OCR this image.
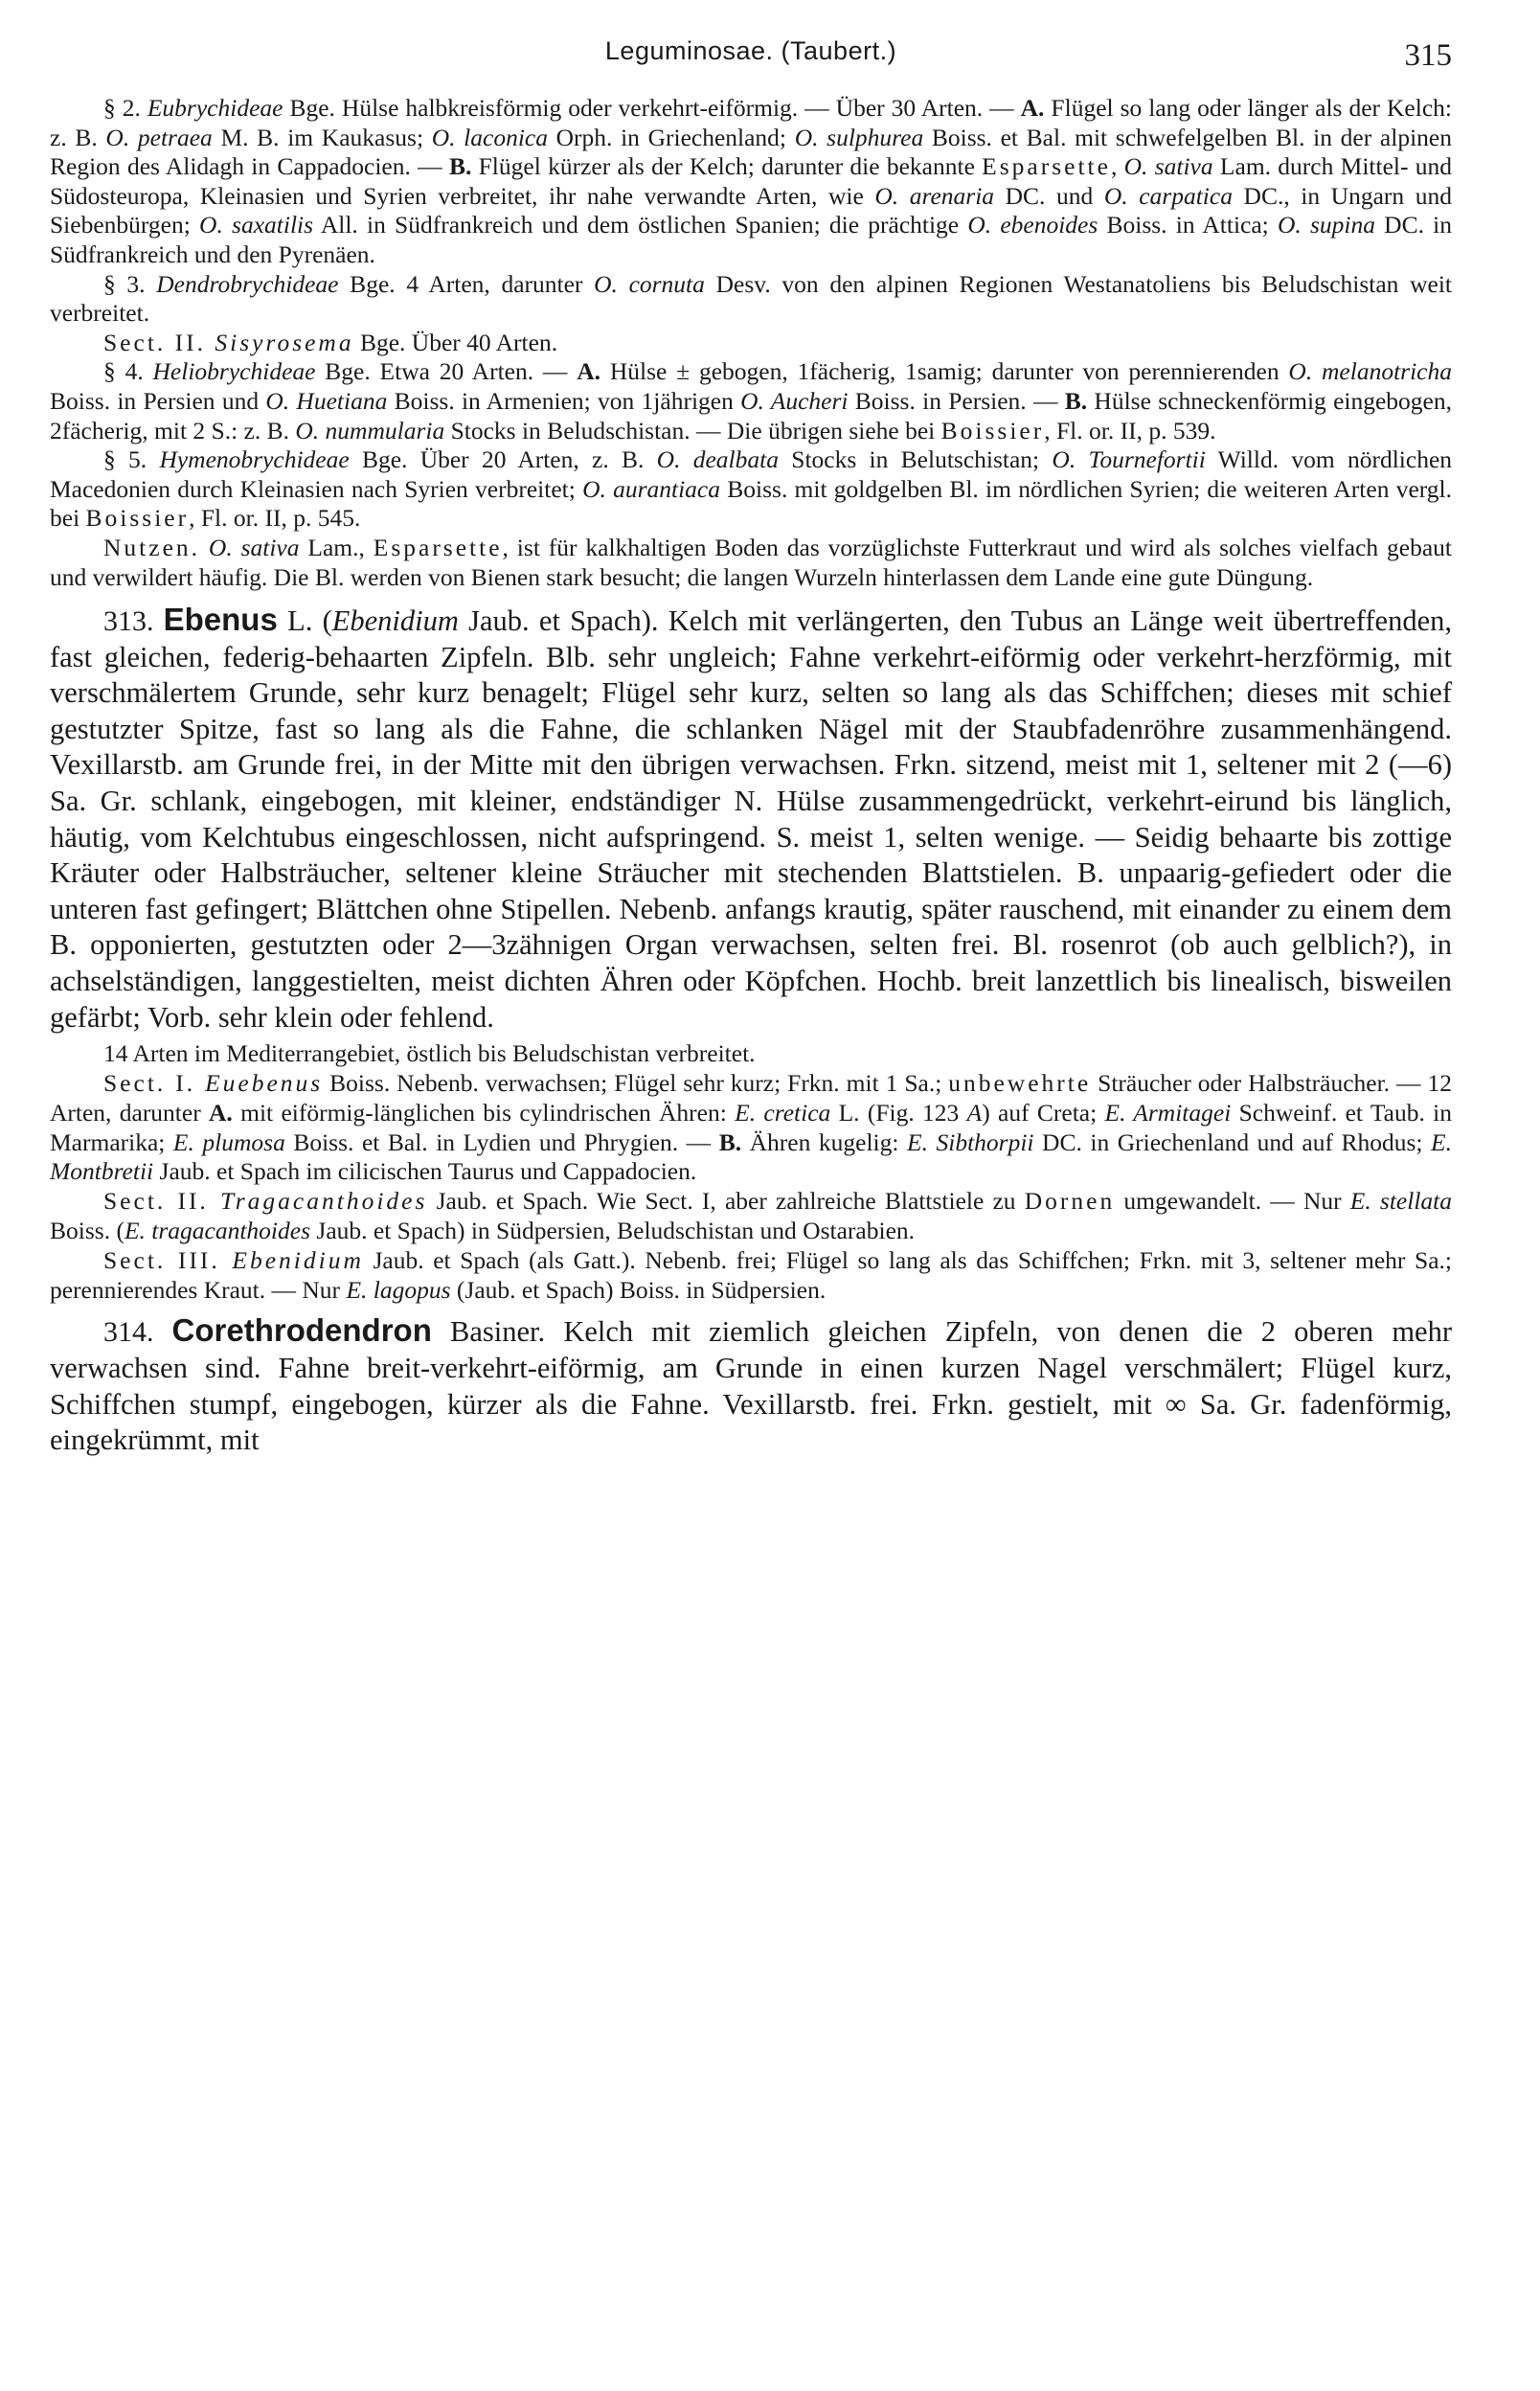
Leguminosae. (Taubert.)	315

§ 2. Eubrychideae Bge. Hülse halbkreisförmig oder verkehrt-eiförmig. — Über 30 Arten. — A. Flügel so lang oder länger als der Kelch: z. B. O. petraea M. B. im Kaukasus; O. laconica Orph. in Griechenland; O. sulphurea Boiss. et Bal. mit schwefelgelben Bl. in der alpinen Region des Alidagh in Cappadocien. — B. Flügel kürzer als der Kelch; darunter die bekannte Esparsette, O. sativa Lam. durch Mittel- und Südosteuropa, Kleinasien und Syrien verbreitet, ihr nahe verwandte Arten, wie O. arenaria DC. und O. carpatica DC., in Ungarn und Siebenbürgen; O. saxatilis All. in Südfrankreich und dem östlichen Spanien; die prächtige O. ebenoides Boiss. in Attica; O. supina DC. in Südfrankreich und den Pyrenäen.

§ 3. Dendrobrychideae Bge. 4 Arten, darunter O. cornuta Desv. von den alpinen Regionen Westanatoliens bis Beludschistan weit verbreitet.

Sect. II. Sisyrosema Bge. Über 40 Arten.

§ 4. Heliobrychideae Bge. Etwa 20 Arten. — A. Hülse ± gebogen, 1fächerig, 1samig; darunter von perennierenden O. melanotricha Boiss. in Persien und O. Huetiana Boiss. in Armenien; von 1jährigen O. Aucheri Boiss. in Persien. — B. Hülse schneckenförmig eingebogen, 2fächerig, mit 2 S.: z. B. O. nummularia Stocks in Beludschistan. — Die übrigen siehe bei Boissier, Fl. or. II, p. 539.

§ 5. Hymenobrychideae Bge. Über 20 Arten, z. B. O. dealbata Stocks in Belutschistan; O. Tournefortii Willd. vom nördlichen Macedonien durch Kleinasien nach Syrien verbreitet; O. aurantiaca Boiss. mit goldgelben Bl. im nördlichen Syrien; die weiteren Arten vergl. bei Boissier, Fl. or. II, p. 545.

Nutzen. O. sativa Lam., Esparsette, ist für kalkhaltigen Boden das vorzüglichste Futterkraut und wird als solches vielfach gebaut und verwildert häufig. Die Bl. werden von Bienen stark besucht; die langen Wurzeln hinterlassen dem Lande eine gute Düngung.

313. Ebenus L. (Ebenidium Jaub. et Spach). Kelch mit verlängerten, den Tubus an Länge weit übertreffenden, fast gleichen, federig-behaarten Zipfeln. Blb. sehr ungleich; Fahne verkehrt-eiförmig oder verkehrt-herzförmig, mit verschmälertem Grunde, sehr kurz benagelt; Flügel sehr kurz, selten so lang als das Schiffchen; dieses mit schief gestutzter Spitze, fast so lang als die Fahne, die schlanken Nägel mit der Staubfadenröhre zusammenhängend. Vexillarstb. am Grunde frei, in der Mitte mit den übrigen verwachsen. Frkn. sitzend, meist mit 1, seltener mit 2 (—6) Sa. Gr. schlank, eingebogen, mit kleiner, endständiger N. Hülse zusammengedrückt, verkehrt-eirund bis länglich, häutig, vom Kelchtubus eingeschlossen, nicht aufspringend. S. meist 1, selten wenige. — Seidig behaarte bis zottige Kräuter oder Halbsträucher, seltener kleine Sträucher mit stechenden Blattstielen. B. unpaarig-gefiedert oder die unteren fast gefingert; Blättchen ohne Stipellen. Nebenb. anfangs krautig, später rauschend, mit einander zu einem dem B. opponierten, gestutzten oder 2—3zähnigen Organ verwachsen, selten frei. Bl. rosenrot (ob auch gelblich?), in achselständigen, langgestielten, meist dichten Ähren oder Köpfchen. Hochb. breit lanzettlich bis linealisch, bisweilen gefärbt; Vorb. sehr klein oder fehlend.

14 Arten im Mediterrangebiet, östlich bis Beludschistan verbreitet.

Sect. I. Euebenus Boiss. Nebenb. verwachsen; Flügel sehr kurz; Frkn. mit 1 Sa.; unbewehrte Sträucher oder Halbsträucher. — 12 Arten, darunter A. mit eiförmig-länglichen bis cylindrischen Ähren: E. cretica L. (Fig. 123 A) auf Creta; E. Armitagei Schweinf. et Taub. in Marmarika; E. plumosa Boiss. et Bal. in Lydien und Phrygien. — B. Ähren kugelig: E. Sibthorpii DC. in Griechenland und auf Rhodus; E. Montbretii Jaub. et Spach im cilicischen Taurus und Cappadocien.

Sect. II. Tragacanthoides Jaub. et Spach. Wie Sect. I, aber zahlreiche Blattstiele zu Dornen umgewandelt. — Nur E. stellata Boiss. (E. tragacanthoides Jaub. et Spach) in Südpersien, Beludschistan und Ostarabien.

Sect. III. Ebenidium Jaub. et Spach (als Gatt.). Nebenb. frei; Flügel so lang als das Schiffchen; Frkn. mit 3, seltener mehr Sa.; perennierendes Kraut. — Nur E. lagopus (Jaub. et Spach) Boiss. in Südpersien.

314. Corethrodendron Basiner. Kelch mit ziemlich gleichen Zipfeln, von denen die 2 oberen mehr verwachsen sind. Fahne breit-verkehrt-eiförmig, am Grunde in einen kurzen Nagel verschmälert; Flügel kurz, Schiffchen stumpf, eingebogen, kürzer als die Fahne. Vexillarstb. frei. Frkn. gestielt, mit ∞ Sa. Gr. fadenförmig, eingekrümmt, mit
